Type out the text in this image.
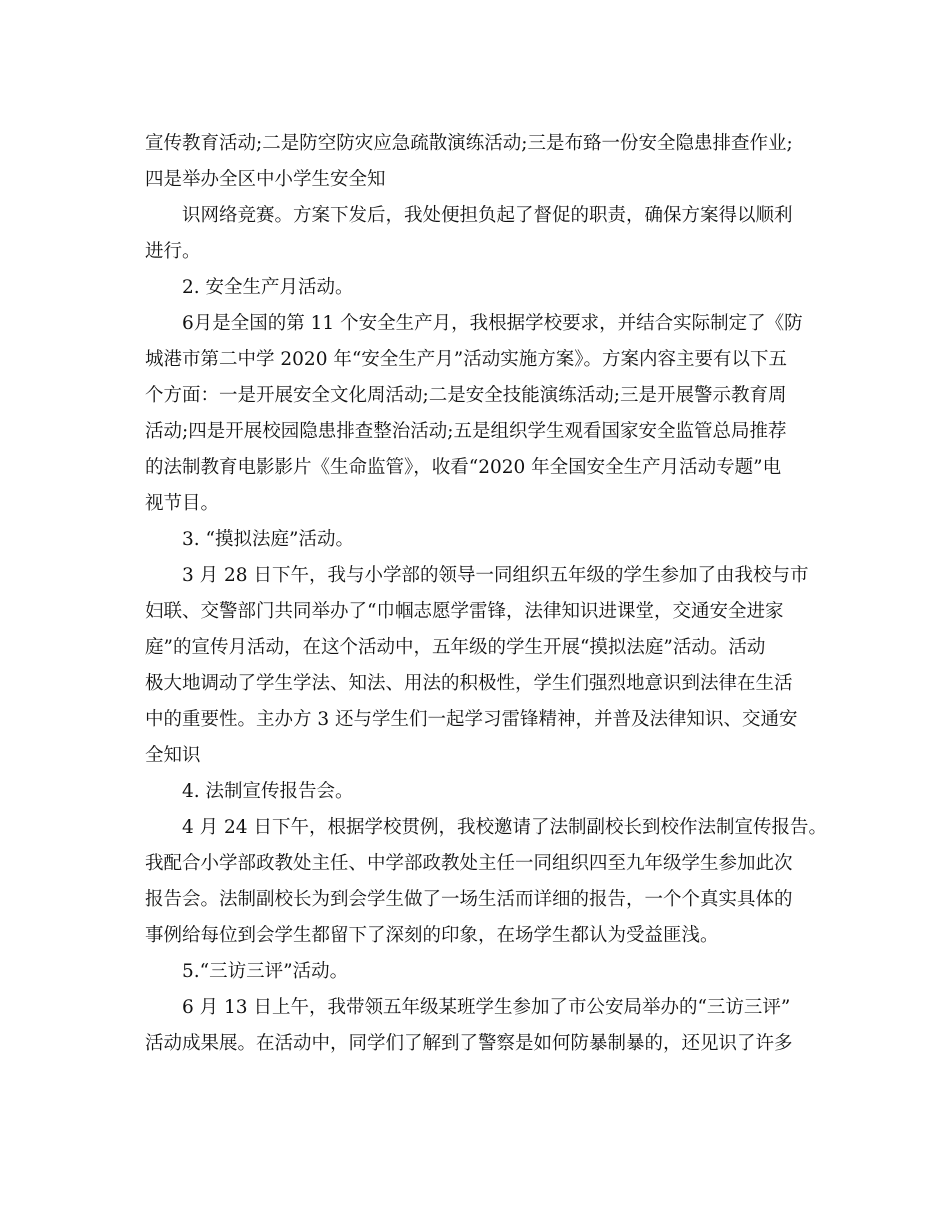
宣传教育活动;二是防空防灾应急疏散演练活动;三是布臵一份安全隐患排查作业;
四是举办全区中小学生安全知
识网络竞赛。方案下发后，我处便担负起了督促的职责，确保方案得以顺利
进行。
2. 安全生产月活动。
6月是全国的第 11 个安全生产月，我根据学校要求，并结合实际制定了《防
城港市第二中学 2020 年“安全生产月”活动实施方案》。方案内容主要有以下五
个方面：一是开展安全文化周活动;二是安全技能演练活动;三是开展警示教育周
活动;四是开展校园隐患排查整治活动;五是组织学生观看国家安全监管总局推荐
的法制教育电影影片《生命监管》，收看“2020 年全国安全生产月活动专题”电
视节目。
3. “摸拟法庭”活动。
3 月 28 日下午，我与小学部的领导一同组织五年级的学生参加了由我校与市
妇联、交警部门共同举办了“巾帼志愿学雷锋，法律知识进课堂，交通安全进家
庭”的宣传月活动，在这个活动中，五年级的学生开展“摸拟法庭”活动。活动
极大地调动了学生学法、知法、用法的积极性，学生们强烈地意识到法律在生活
中的重要性。主办方 3 还与学生们一起学习雷锋精神，并普及法律知识、交通安
全知识
4. 法制宣传报告会。
4 月 24 日下午，根据学校贯例，我校邀请了法制副校长到校作法制宣传报告。
我配合小学部政教处主任、中学部政教处主任一同组织四至九年级学生参加此次
报告会。法制副校长为到会学生做了一场生活而详细的报告，一个个真实具体的
事例给每位到会学生都留下了深刻的印象，在场学生都认为受益匪浅。
5.“三访三评”活动。
6 月 13 日上午，我带领五年级某班学生参加了市公安局举办的“三访三评”
活动成果展。在活动中，同学们了解到了警察是如何防暴制暴的，还见识了许多
